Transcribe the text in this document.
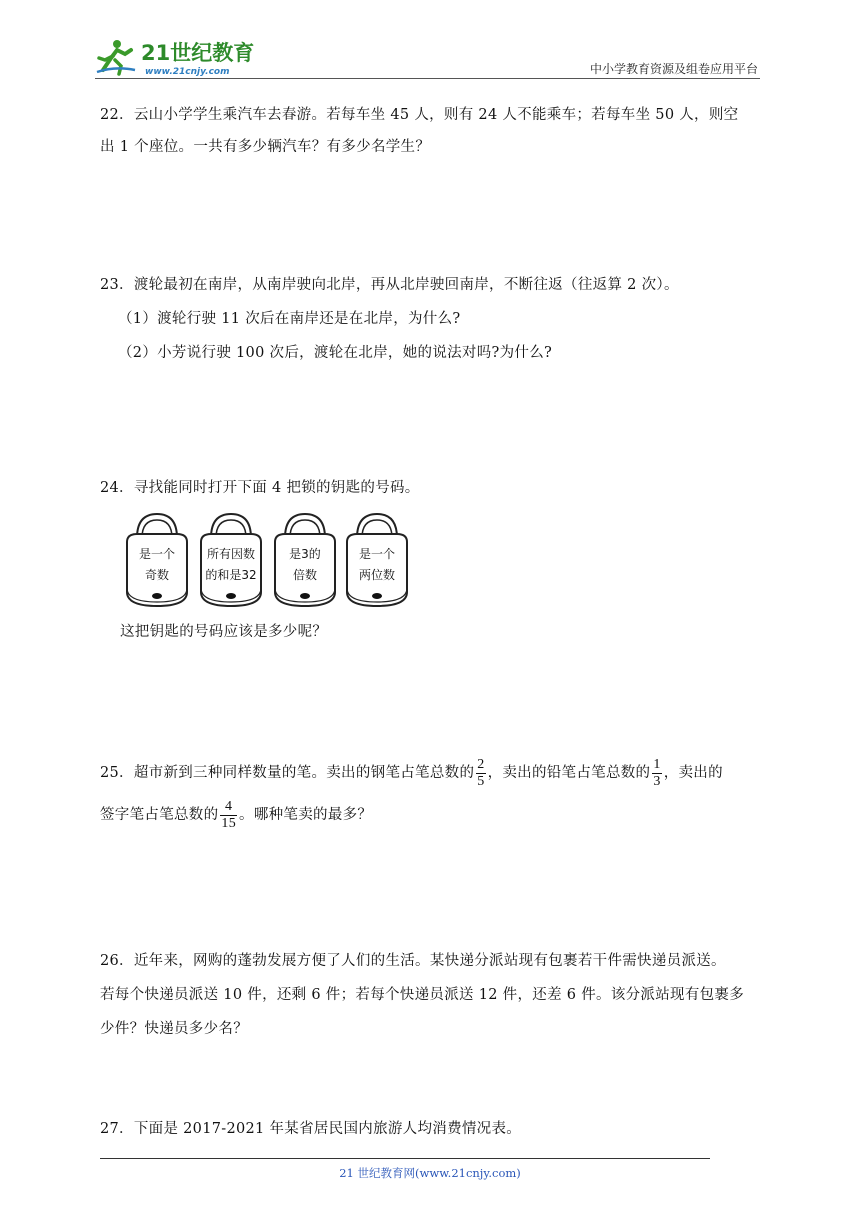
21世纪教育
www.21cnjy.com	中小学教育资源及组卷应用平台
22．云山小学学生乘汽车去春游。若每车坐 45 人，则有 24 人不能乘车；若每车坐 50 人，则空
出 1 个座位。一共有多少辆汽车？有多少名学生？
23．渡轮最初在南岸，从南岸驶向北岸，再从北岸驶回南岸，不断往返（往返算 2 次）。
（1）渡轮行驶 11 次后在南岸还是在北岸，为什么?
（2）小芳说行驶 100 次后，渡轮在北岸，她的说法对吗?为什么?
24．寻找能同时打开下面 4 把锁的钥匙的号码。
是一个
奇数
所有因数
的和是32
是3的
倍数
是一个
两位数
这把钥匙的号码应该是多少呢？
25．超市新到三种同样数量的笔。卖出的钢笔占笔总数的 $\frac{2}{5}$ ，卖出的铅笔占笔总数的 $\frac{1}{3}$ ，卖出的
签字笔占笔总数的 $\frac{4}{15}$ 。哪种笔卖的最多？
26．近年来，网购的蓬勃发展方便了人们的生活。某快递分派站现有包裹若干件需快递员派送。
若每个快递员派送 10 件，还剩 6 件；若每个快递员派送 12 件，还差 6 件。该分派站现有包裹多
少件？快递员多少名？
27．下面是 2017-2021 年某省居民国内旅游人均消费情况表。
21 世纪教育网(www.21cnjy.com)
